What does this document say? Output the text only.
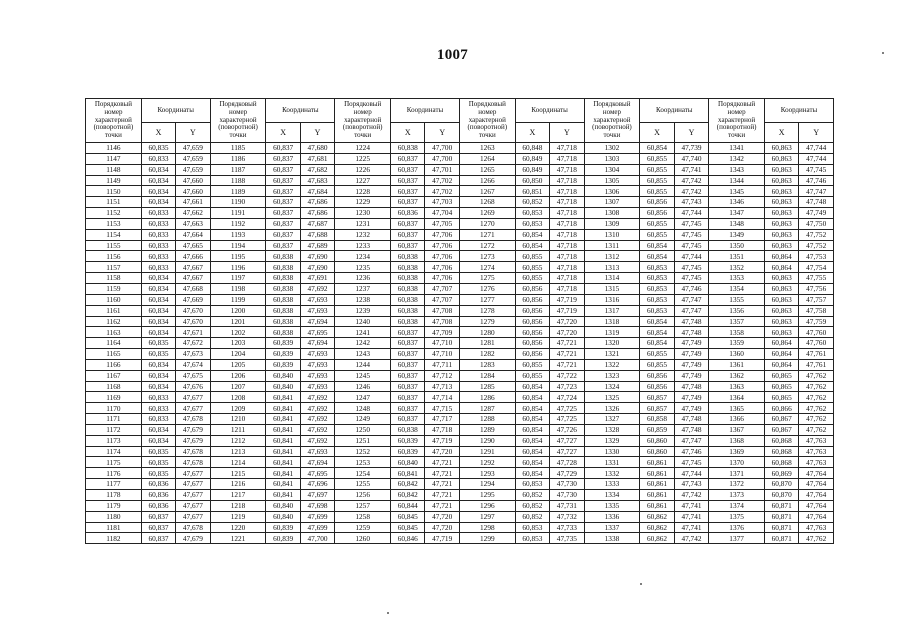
1007
Порядковый номер характерной (поворотной) точки	Координаты		Порядковый номер характерной (поворотной) точки	Координаты		Порядковый номер характерной (поворотной) точки	Координаты		Порядковый номер характерной (поворотной) точки	Координаты		Порядковый номер характерной (поворотной) точки	Координаты		Порядковый номер характерной (поворотной) точки	Координаты	
	X	Y		X	Y		X	Y		X	Y		X	Y		X	Y
1146	60,835	47,659	1185	60,837	47,680	1224	60,838	47,700	1263	60,848	47,718	1302	60,854	47,739	1341	60,863	47,744
1147	60,833	47,659	1186	60,837	47,681	1225	60,837	47,700	1264	60,849	47,718	1303	60,855	47,740	1342	60,863	47,744
1148	60,834	47,659	1187	60,837	47,682	1226	60,837	47,701	1265	60,849	47,718	1304	60,855	47,741	1343	60,863	47,745
1149	60,834	47,660	1188	60,837	47,683	1227	60,837	47,702	1266	60,850	47,718	1305	60,855	47,742	1344	60,863	47,746
1150	60,834	47,660	1189	60,837	47,684	1228	60,837	47,702	1267	60,851	47,718	1306	60,855	47,742	1345	60,863	47,747
1151	60,834	47,661	1190	60,837	47,686	1229	60,837	47,703	1268	60,852	47,718	1307	60,856	47,743	1346	60,863	47,748
1152	60,833	47,662	1191	60,837	47,686	1230	60,836	47,704	1269	60,853	47,718	1308	60,856	47,744	1347	60,863	47,749
1153	60,833	47,663	1192	60,837	47,687	1231	60,837	47,705	1270	60,853	47,718	1309	60,855	47,745	1348	60,863	47,750
1154	60,833	47,664	1193	60,837	47,688	1232	60,837	47,706	1271	60,854	47,718	1310	60,855	47,745	1349	60,863	47,752
1155	60,833	47,665	1194	60,837	47,689	1233	60,837	47,706	1272	60,854	47,718	1311	60,854	47,745	1350	60,863	47,752
1156	60,833	47,666	1195	60,838	47,690	1234	60,838	47,706	1273	60,855	47,718	1312	60,854	47,744	1351	60,864	47,753
1157	60,833	47,667	1196	60,838	47,690	1235	60,838	47,706	1274	60,855	47,718	1313	60,853	47,745	1352	60,864	47,754
1158	60,834	47,667	1197	60,838	47,691	1236	60,838	47,706	1275	60,855	47,718	1314	60,853	47,745	1353	60,863	47,755
1159	60,834	47,668	1198	60,838	47,692	1237	60,838	47,707	1276	60,856	47,718	1315	60,853	47,746	1354	60,863	47,756
1160	60,834	47,669	1199	60,838	47,693	1238	60,838	47,707	1277	60,856	47,719	1316	60,853	47,747	1355	60,863	47,757
1161	60,834	47,670	1200	60,838	47,693	1239	60,838	47,708	1278	60,856	47,719	1317	60,853	47,747	1356	60,863	47,758
1162	60,834	47,670	1201	60,838	47,694	1240	60,838	47,708	1279	60,856	47,720	1318	60,854	47,748	1357	60,863	47,759
1163	60,834	47,671	1202	60,838	47,695	1241	60,837	47,709	1280	60,856	47,720	1319	60,854	47,748	1358	60,863	47,760
1164	60,835	47,672	1203	60,839	47,694	1242	60,837	47,710	1281	60,856	47,721	1320	60,854	47,749	1359	60,864	47,760
1165	60,835	47,673	1204	60,839	47,693	1243	60,837	47,710	1282	60,856	47,721	1321	60,855	47,749	1360	60,864	47,761
1166	60,834	47,674	1205	60,839	47,693	1244	60,837	47,711	1283	60,855	47,721	1322	60,855	47,749	1361	60,864	47,761
1167	60,834	47,675	1206	60,840	47,693	1245	60,837	47,712	1284	60,855	47,722	1323	60,856	47,749	1362	60,865	47,762
1168	60,834	47,676	1207	60,840	47,693	1246	60,837	47,713	1285	60,854	47,723	1324	60,856	47,748	1363	60,865	47,762
1169	60,833	47,677	1208	60,841	47,692	1247	60,837	47,714	1286	60,854	47,724	1325	60,857	47,749	1364	60,865	47,762
1170	60,833	47,677	1209	60,841	47,692	1248	60,837	47,715	1287	60,854	47,725	1326	60,857	47,749	1365	60,866	47,762
1171	60,833	47,678	1210	60,841	47,692	1249	60,837	47,717	1288	60,854	47,725	1327	60,858	47,748	1366	60,867	47,762
1172	60,834	47,679	1211	60,841	47,692	1250	60,838	47,718	1289	60,854	47,726	1328	60,859	47,748	1367	60,867	47,762
1173	60,834	47,679	1212	60,841	47,692	1251	60,839	47,719	1290	60,854	47,727	1329	60,860	47,747	1368	60,868	47,763
1174	60,835	47,678	1213	60,841	47,693	1252	60,839	47,720	1291	60,854	47,727	1330	60,860	47,746	1369	60,868	47,763
1175	60,835	47,678	1214	60,841	47,694	1253	60,840	47,721	1292	60,854	47,728	1331	60,861	47,745	1370	60,868	47,763
1176	60,835	47,677	1215	60,841	47,695	1254	60,841	47,721	1293	60,854	47,729	1332	60,861	47,744	1371	60,869	47,764
1177	60,836	47,677	1216	60,841	47,696	1255	60,842	47,721	1294	60,853	47,730	1333	60,861	47,743	1372	60,870	47,764
1178	60,836	47,677	1217	60,841	47,697	1256	60,842	47,721	1295	60,852	47,730	1334	60,861	47,742	1373	60,870	47,764
1179	60,836	47,677	1218	60,840	47,698	1257	60,844	47,721	1296	60,852	47,731	1335	60,861	47,741	1374	60,871	47,764
1180	60,837	47,677	1219	60,840	47,699	1258	60,845	47,720	1297	60,852	47,732	1336	60,862	47,741	1375	60,871	47,764
1181	60,837	47,678	1220	60,839	47,699	1259	60,845	47,720	1298	60,853	47,733	1337	60,862	47,741	1376	60,871	47,763
1182	60,837	47,679	1221	60,839	47,700	1260	60,846	47,719	1299	60,853	47,735	1338	60,862	47,742	1377	60,871	47,762
